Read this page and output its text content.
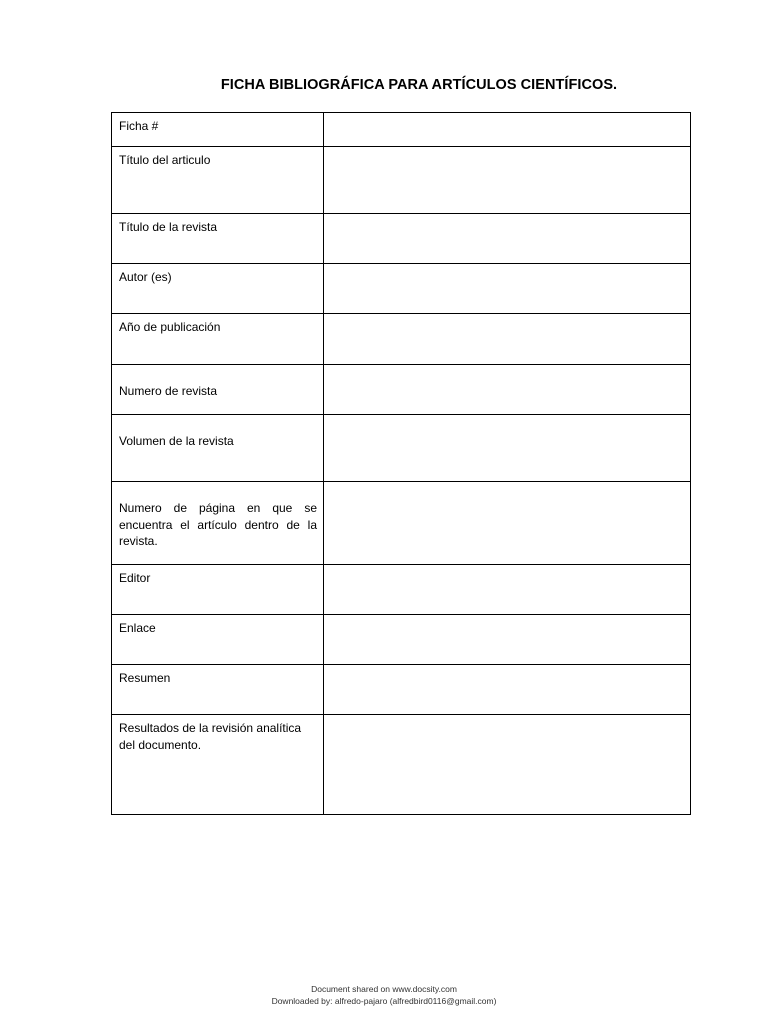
FICHA BIBLIOGRÁFICA PARA ARTÍCULOS CIENTÍFICOS.
Ficha #	
Título del articulo	
Título de la revista	
Autor (es)	
Año de publicación	
Numero de revista	
Volumen de la revista	
Numero de página en que se encuentra el artículo dentro de la revista.	
Editor	
Enlace	
Resumen	
Resultados de la revisión analítica del documento.	
Document shared on www.docsity.com
Downloaded by: alfredo-pajaro (alfredbird0116@gmail.com)
